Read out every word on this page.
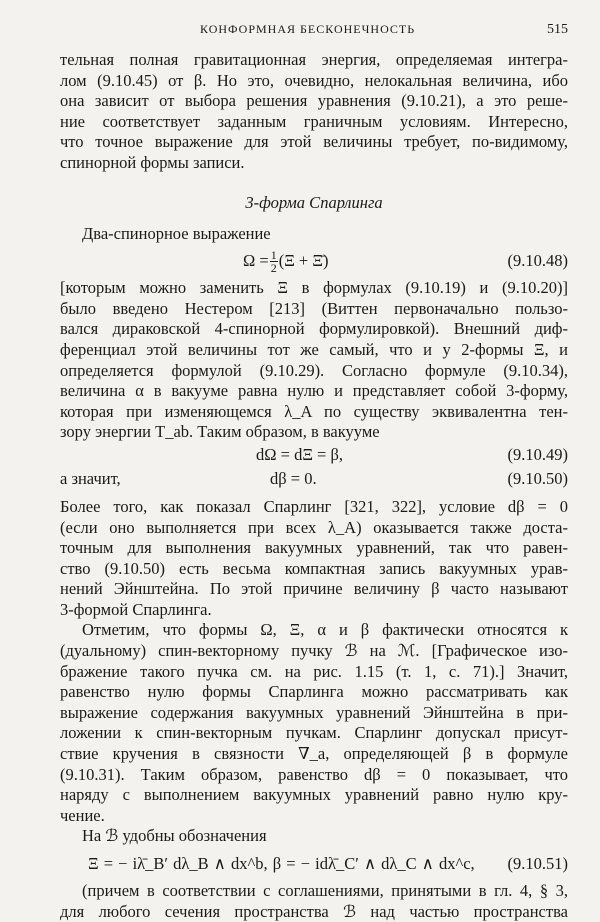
КОНФОРМНАЯ БЕСКОНЕЧНОСТЬ	515
тельная полная гравитационная энергия, определяемая интегра-
лом (9.10.45) от β. Но это, очевидно, нелокальная величина, ибо
она зависит от выбора решения уравнения (9.10.21), а это реше-
ние соответствует заданным граничным условиям. Интересно,
что точное выражение для этой величины требует, по-видимому,
спинорной формы записи.
3-форма Спарлинга
Два-спинорное выражение
$\Omega = \frac{1}{2} (\Xi$ + Ξ̄)	(9.10.48)
[которым можно заменить Ξ в формулах (9.10.19) и (9.10.20)]
было введено Нестером [213] (Виттен первоначально пользо-
вался дираковской 4-спинорной формулировкой). Внешний диф-
ференциал этой величины тот же самый, что и у 2-формы Ξ, и
определяется формулой (9.10.29). Согласно формуле (9.10.34),
величина α в вакууме равна нулю и представляет собой 3-форму,
которая при изменяющемся λ_A по существу эквивалентна тен-
зору энергии T_ab. Таким образом, в вакууме
dΩ = dΞ = β,	(9.10.49)
а значит,	dβ = 0.	(9.10.50)
Более того, как показал Спарлинг [321, 322], условие dβ = 0
(если оно выполняется при всех λ_A) оказывается также доста-
точным для выполнения вакуумных уравнений, так что равен-
ство (9.10.50) есть весьма компактная запись вакуумных урав-
нений Эйнштейна. По этой причине величину β часто называют
3-формой Спарлинга.
Отметим, что формы Ω, Ξ, α и β фактически относятся к
(дуальному) спин-векторному пучку ℬ на ℳ. [Графическое изо-
бражение такого пучка см. на рис. 1.15 (т. 1, с. 71).] Значит,
равенство нулю формы Спарлинга можно рассматривать как
выражение содержания вакуумных уравнений Эйнштейна в при-
ложении к спин-векторным пучкам. Спарлинг допускал присут-
ствие кручения в связности ∇_a, определяющей β в формуле
(9.10.31). Таким образом, равенство dβ = 0 показывает, что
наряду с выполнением вакуумных уравнений равно нулю кру-
чение.
На ℬ удобны обозначения
Ξ = − iλ̄_B′ dλ_B ∧ dx^b, β = − idλ̄_C′ ∧ dλ_C ∧ dx^c, (9.10.51)
(причем в соответствии с соглашениями, принятыми в гл. 4, § 3,
для любого сечения пространства ℬ над частью пространства
